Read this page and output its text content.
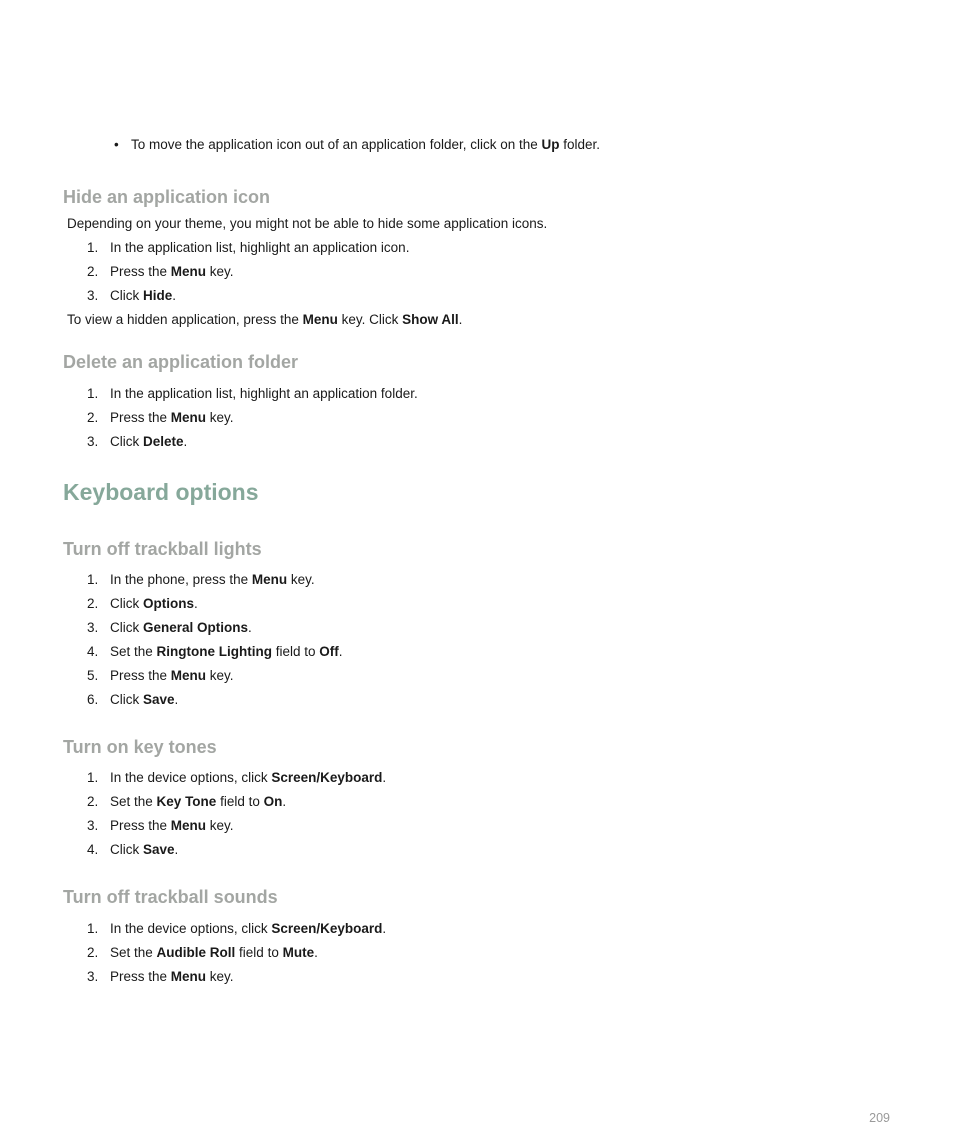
• To move the application icon out of an application folder, click on the Up folder.
Hide an application icon
Depending on your theme, you might not be able to hide some application icons.
To view a hidden application, press the Menu key. Click Show All.
Delete an application folder
Keyboard options
Turn off trackball lights
Turn on key tones
Turn off trackball sounds
209
1. In the application list, highlight an application icon.
2. Press the Menu key.
3. Click Hide.
1. In the application list, highlight an application folder.
2. Press the Menu key.
3. Click Delete.
1. In the phone, press the Menu key.
2. Click Options.
3. Click General Options.
4. Set the Ringtone Lighting field to Off.
5. Press the Menu key.
6. Click Save.
1. In the device options, click Screen/Keyboard.
2. Set the Key Tone field to On.
3. Press the Menu key.
4. Click Save.
1. In the device options, click Screen/Keyboard.
2. Set the Audible Roll field to Mute.
3. Press the Menu key.
